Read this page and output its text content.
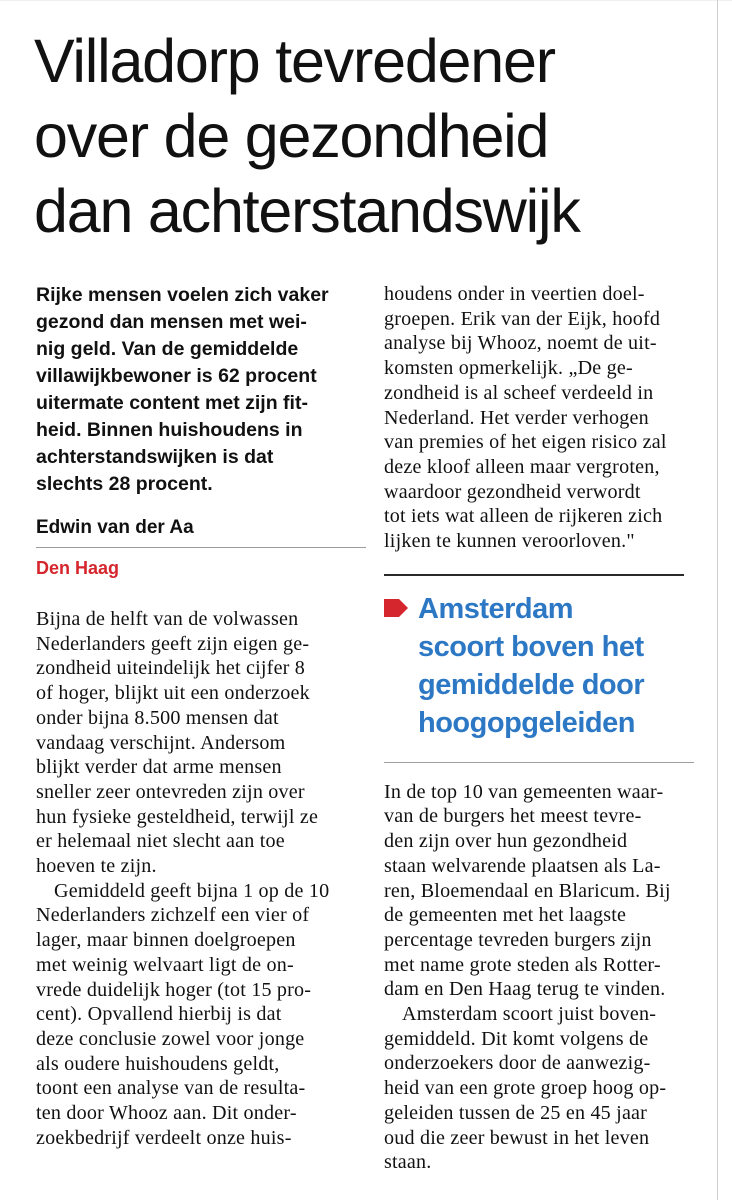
Villadorp tevredener
over de gezondheid
dan achterstandswijk
Rijke mensen voelen zich vaker
gezond dan mensen met wei-
nig geld. Van de gemiddelde
villawijkbewoner is 62 procent
uitermate content met zijn fit-
heid. Binnen huishoudens in
achterstandswijken is dat
slechts 28 procent.
Edwin van der Aa
Den Haag

Bijna de helft van de volwassen
Nederlanders geeft zijn eigen ge-
zondheid uiteindelijk het cijfer 8
of hoger, blijkt uit een onderzoek
onder bijna 8.500 mensen dat
vandaag verschijnt. Andersom
blijkt verder dat arme mensen
sneller zeer ontevreden zijn over
hun fysieke gesteldheid, terwijl ze
er helemaal niet slecht aan toe
hoeven te zijn.

Gemiddeld geeft bijna 1 op de 10
Nederlanders zichzelf een vier of
lager, maar binnen doelgroepen
met weinig welvaart ligt de on-
vrede duidelijk hoger (tot 15 pro-
cent). Opvallend hierbij is dat
deze conclusie zowel voor jonge
als oudere huishoudens geldt,
toont een analyse van de resulta-
ten door Whooz aan. Dit onder-
zoekbedrijf verdeelt onze huis-

houdens onder in veertien doel-
groepen. Erik van der Eijk, hoofd
analyse bij Whooz, noemt de uit-
komsten opmerkelijk. „De ge-
zondheid is al scheef verdeeld in
Nederland. Het verder verhogen
van premies of het eigen risico zal
deze kloof alleen maar vergroten,
waardoor gezondheid verwordt
tot iets wat alleen de rijkeren zich
lijken te kunnen veroorloven."
Amsterdam
scoort boven het
gemiddelde door
hoogopgeleiden

In de top 10 van gemeenten waar-
van de burgers het meest tevre-
den zijn over hun gezondheid
staan welvarende plaatsen als La-
ren, Bloemendaal en Blaricum. Bij
de gemeenten met het laagste
percentage tevreden burgers zijn
met name grote steden als Rotter-
dam en Den Haag terug te vinden.

Amsterdam scoort juist boven-
gemiddeld. Dit komt volgens de
onderzoekers door de aanwezig-
heid van een grote groep hoog op-
geleiden tussen de 25 en 45 jaar
oud die zeer bewust in het leven
staan.
